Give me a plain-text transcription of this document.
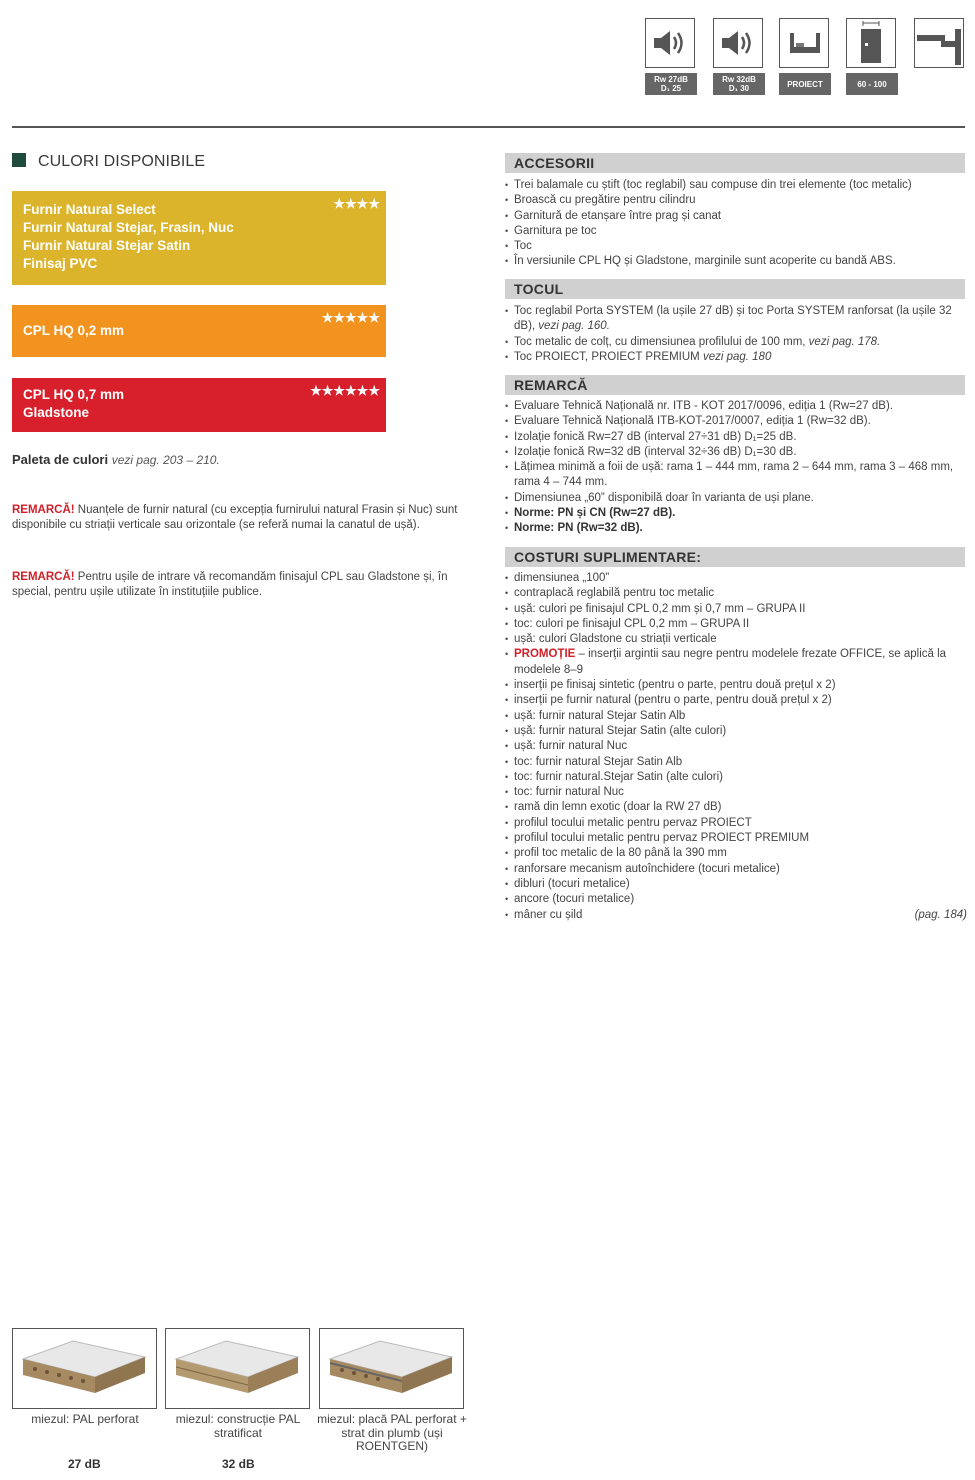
Rw 27dB
D₁ 25
Rw 32dB
D₁ 30	PROIECT	60 - 100
CULORI DISPONIBILE
★★★★
Furnir Natural Select
Furnir Natural Stejar, Frasin, Nuc
Furnir Natural Stejar Satin
Finisaj PVC
★★★★★
CPL HQ 0,2 mm
★★★★★★
CPL HQ 0,7 mm
Gladstone
Paleta de culori vezi pag. 203 – 210.
REMARCĂ! Nuanțele de furnir natural (cu excepția furnirului natural Frasin și Nuc) sunt disponibile cu striații verticale sau orizontale (se referă numai la canatul de ușă).
REMARCĂ! Pentru ușile de intrare vă recomandăm finisajul CPL sau Gladstone și, în special, pentru ușile utilizate în instituțiile publice.
ACCESORII
• Trei balamale cu știft (toc reglabil) sau compuse din trei elemente (toc metalic)
• Broască cu pregătire pentru cilindru
• Garnitură de etanșare între prag și canat
• Garnitura pe toc
• Toc
• În versiunile CPL HQ și Gladstone, marginile sunt acoperite cu bandă ABS.
TOCUL
• Toc reglabil Porta SYSTEM (la ușile 27 dB) și toc Porta SYSTEM ranforsat (la ușile 32 dB), vezi pag. 160.
• Toc metalic de colț, cu dimensiunea profilului de 100 mm, vezi pag. 178.
• Toc PROIECT, PROIECT PREMIUM vezi pag. 180
REMARCĂ
• Evaluare Tehnică Națională nr. ITB - KOT 2017/0096, ediția 1 (Rw=27 dB).
• Evaluare Tehnică Națională ITB-KOT-2017/0007, ediția 1 (Rw=32 dB).
• Izolație fonică Rw=27 dB (interval 27÷31 dB) D₁=25 dB.
• Izolație fonică Rw=32 dB (interval 32÷36 dB) D₁=30 dB.
• Lățimea minimă a foii de ușă: rama 1 – 444 mm, rama 2 – 644 mm, rama 3 – 468 mm, rama 4 – 744 mm.
• Dimensiunea „60” disponibilă doar în varianta de uși plane.
• Norme: PN și CN (Rw=27 dB).
• Norme: PN (Rw=32 dB).
COSTURI SUPLIMENTARE:
• dimensiunea „100”
• contraplacă reglabilă pentru toc metalic
• ușă: culori pe finisajul CPL 0,2 mm și 0,7 mm – GRUPA II
• toc: culori pe finisajul CPL 0,2 mm – GRUPA II
• ușă: culori Gladstone cu striații verticale
• PROMOȚIE – inserții argintii sau negre pentru modelele frezate OFFICE, se aplică la modelele 8–9
• inserții pe finisaj sintetic (pentru o parte, pentru două prețul x 2)
• inserții pe furnir natural (pentru o parte, pentru două prețul x 2)
• ușă: furnir natural Stejar Satin Alb
• ușă: furnir natural Stejar Satin (alte culori)
• ușă: furnir natural Nuc
• toc: furnir natural Stejar Satin Alb
• toc: furnir natural.Stejar Satin (alte culori)
• toc: furnir natural Nuc
• ramă din lemn exotic (doar la RW 27 dB)
• profilul tocului metalic pentru pervaz PROIECT
• profilul tocului metalic pentru pervaz PROIECT PREMIUM
• profil toc metalic de la 80 până la 390 mm
• ranforsare mecanism autoînchidere (tocuri metalice)
• dibluri (tocuri metalice)
• ancore (tocuri metalice)
• mâner cu șild	(pag. 184)
miezul: PAL perforat
27 dB
miezul: construcție PAL stratificat
32 dB
miezul: placă PAL perforat + strat din plumb (uși ROENTGEN)
